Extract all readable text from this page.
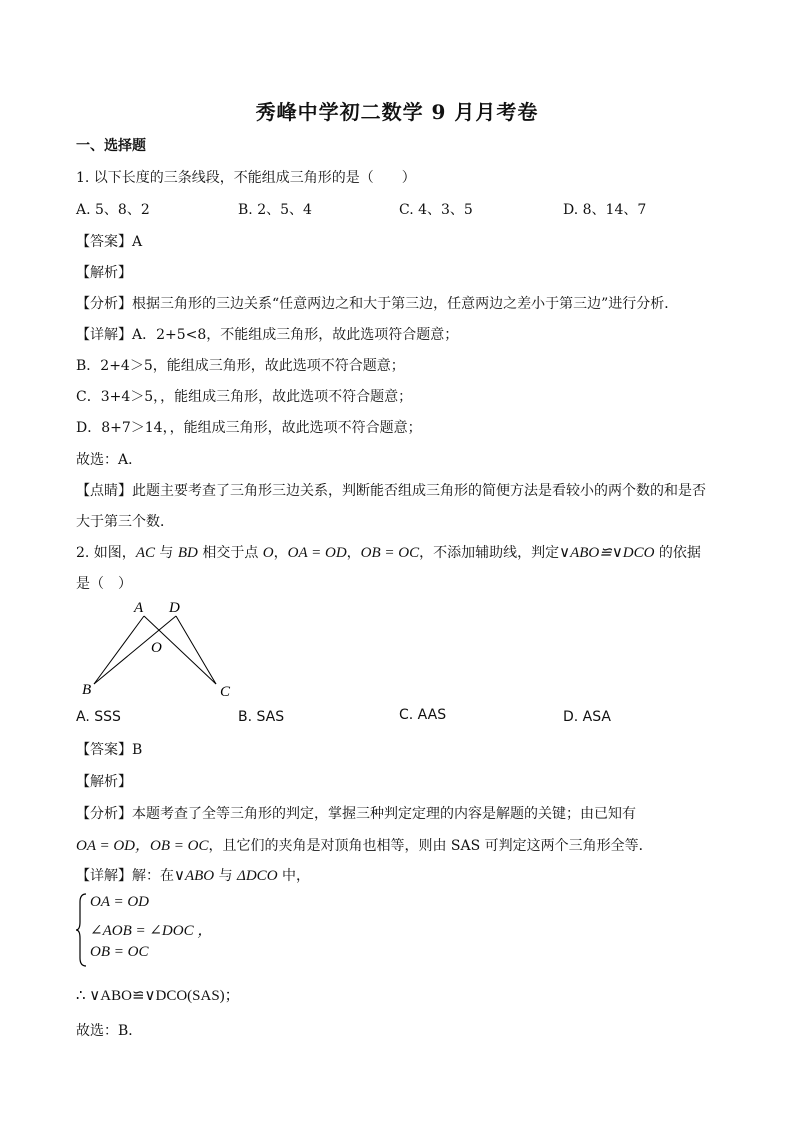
秀峰中学初二数学 9 月月考卷
一、选择题
1. 以下长度的三条线段，不能组成三角形的是（　　）
A. 5、8、2	B. 2、5、4	C. 4、3、5	D. 8、14、7
【答案】A
【解析】
【分析】根据三角形的三边关系“任意两边之和大于第三边，任意两边之差小于第三边”进行分析．
【详解】A．2+5<8，不能组成三角形，故此选项符合题意；
B．2+4＞5，能组成三角形，故此选项不符合题意；
C．3+4＞5，，能组成三角形，故此选项不符合题意；
D．8+7＞14，，能组成三角形，故此选项不符合题意；
故选：A．
【点睛】此题主要考查了三角形三边关系，判断能否组成三角形的简便方法是看较小的两个数的和是否
大于第三个数．
2. 如图，AC 与 BD 相交于点 O，OA = OD，OB = OC，不添加辅助线，判定∨ABO≌∨DCO 的依据
是（　）
A D
O
B	C
A. SSS	B. SAS	C. AAS	D. ASA
【答案】B
【解析】
【分析】本题考查了全等三角形的判定，掌握三种判定定理的内容是解题的关键；由已知有
OA = OD，OB = OC，且它们的夹角是对顶角也相等，则由 SAS 可判定这两个三角形全等．
【详解】解：在∨ABO 与 ΔDCO 中，
OA = OD
∠AOB = ∠DOC ，
OB = OC
∴ ∨ABO≌∨DCO(SAS)；
故选：B．
